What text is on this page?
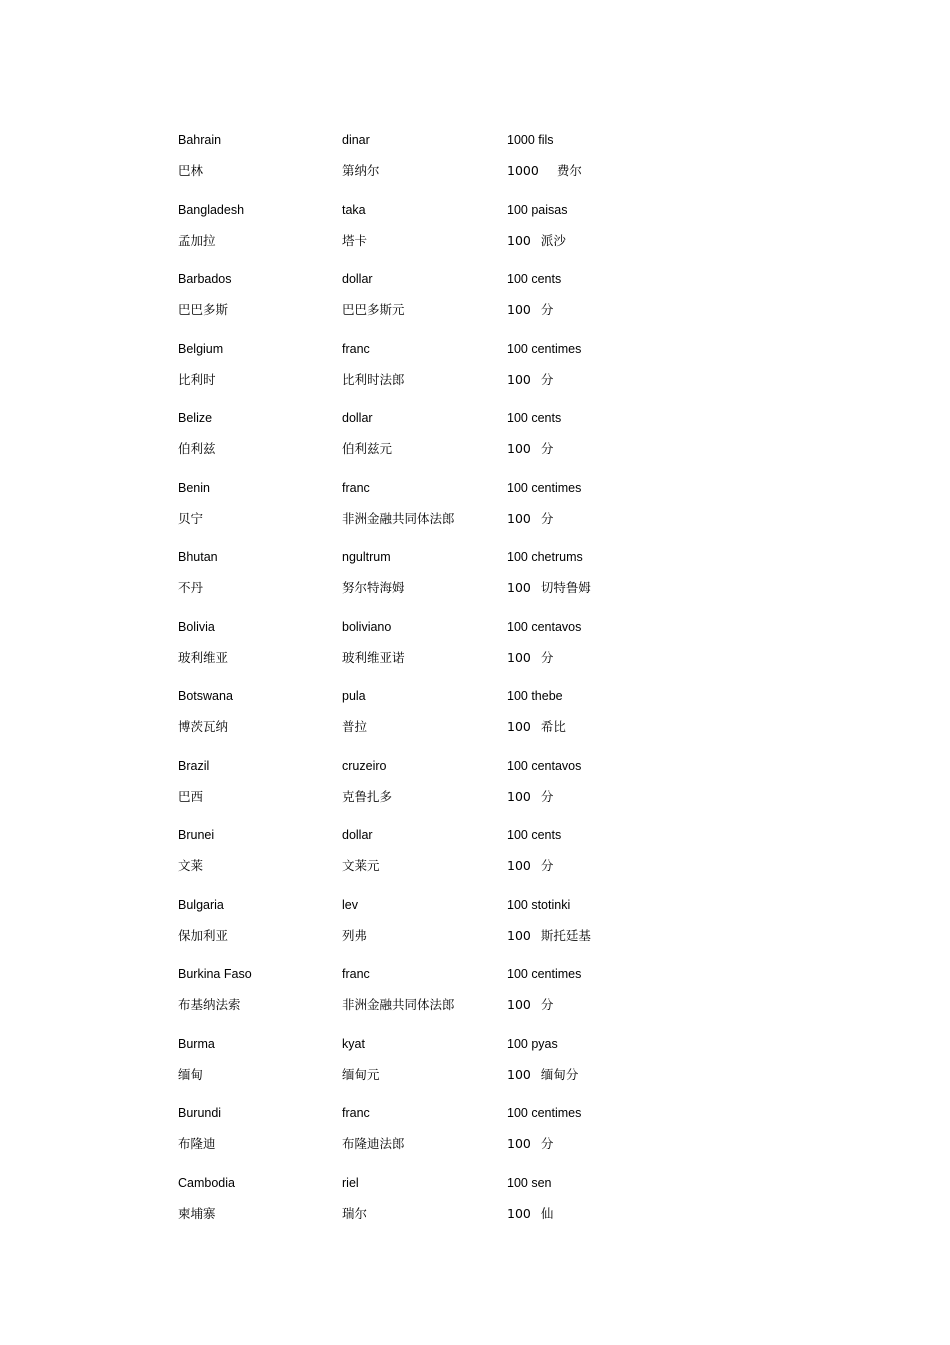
Bahrain	dinar	1000 fils
巴林	第纳尔	1000 费尔
Bangladesh	taka	100 paisas
孟加拉	塔卡	100 派沙
Barbados	dollar	100 cents
巴巴多斯	巴巴多斯元	100 分
Belgium	franc	100 centimes
比利时	比利时法郎	100 分
Belize	dollar	100 cents
伯利兹	伯利兹元	100 分
Benin	franc	100 centimes
贝宁	非洲金融共同体法郎	100 分
Bhutan	ngultrum	100 chetrums
不丹	努尔特海姆	100 切特鲁姆
Bolivia	boliviano	100 centavos
玻利维亚	玻利维亚诺	100 分
Botswana	pula	100 thebe
博茨瓦纳	普拉	100 希比
Brazil	cruzeiro	100 centavos
巴西	克鲁扎多	100 分
Brunei	dollar	100 cents
文莱	文莱元	100 分
Bulgaria	lev	100 stotinki
保加利亚	列弗	100 斯托廷基
Burkina Faso	franc	100 centimes
布基纳法索	非洲金融共同体法郎	100 分
Burma	kyat	100 pyas
缅甸	缅甸元	100 缅甸分
Burundi	franc	100 centimes
布隆迪	布隆迪法郎	100 分
Cambodia	riel	100 sen
柬埔寨	瑞尔	100 仙
